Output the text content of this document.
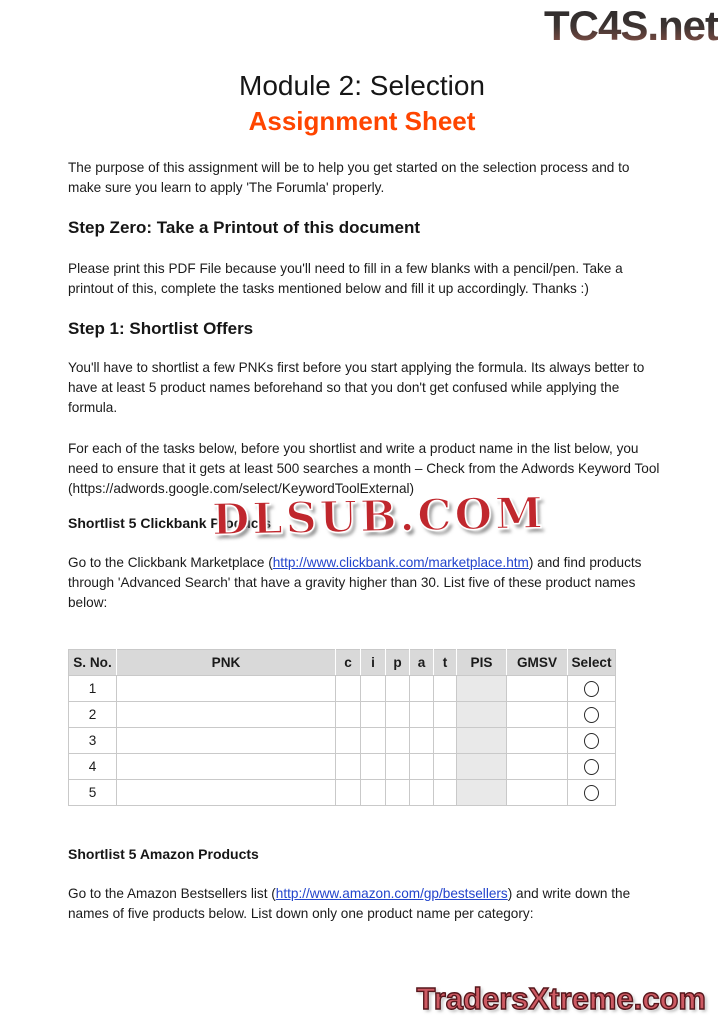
TC4S.net
Module 2: Selection
Assignment Sheet
The purpose of this assignment will be to help you get started on the selection process and to make sure you learn to apply 'The Forumla' properly.
Step Zero: Take a Printout of this document
Please print this PDF File because you'll need to fill in a few blanks with a pencil/pen. Take a printout of this, complete the tasks mentioned below and fill it up accordingly. Thanks :)
Step 1: Shortlist Offers
You'll have to shortlist a few PNKs first before you start applying the formula. Its always better to have at least 5 product names beforehand so that you don't get confused while applying the formula.
For each of the tasks below, before you shortlist and write a product name in the list below, you need to ensure that it gets at least 500 searches a month – Check from the Adwords Keyword Tool (https://adwords.google.com/select/KeywordToolExternal)
Shortlist 5 Clickbank Products
DLSUB.COM
Go to the Clickbank Marketplace (http://www.clickbank.com/marketplace.htm) and find products through 'Advanced Search' that have a gravity higher than 30. List five of these product names below:
S. No.	PNK	c	i	p	a	t	PIS	GMSV	Select
1									
2									
3									
4									
5									
Shortlist 5 Amazon Products
Go to the Amazon Bestsellers list (http://www.amazon.com/gp/bestsellers) and write down the names of five products below. List down only one product name per category:
TradersXtreme.com
